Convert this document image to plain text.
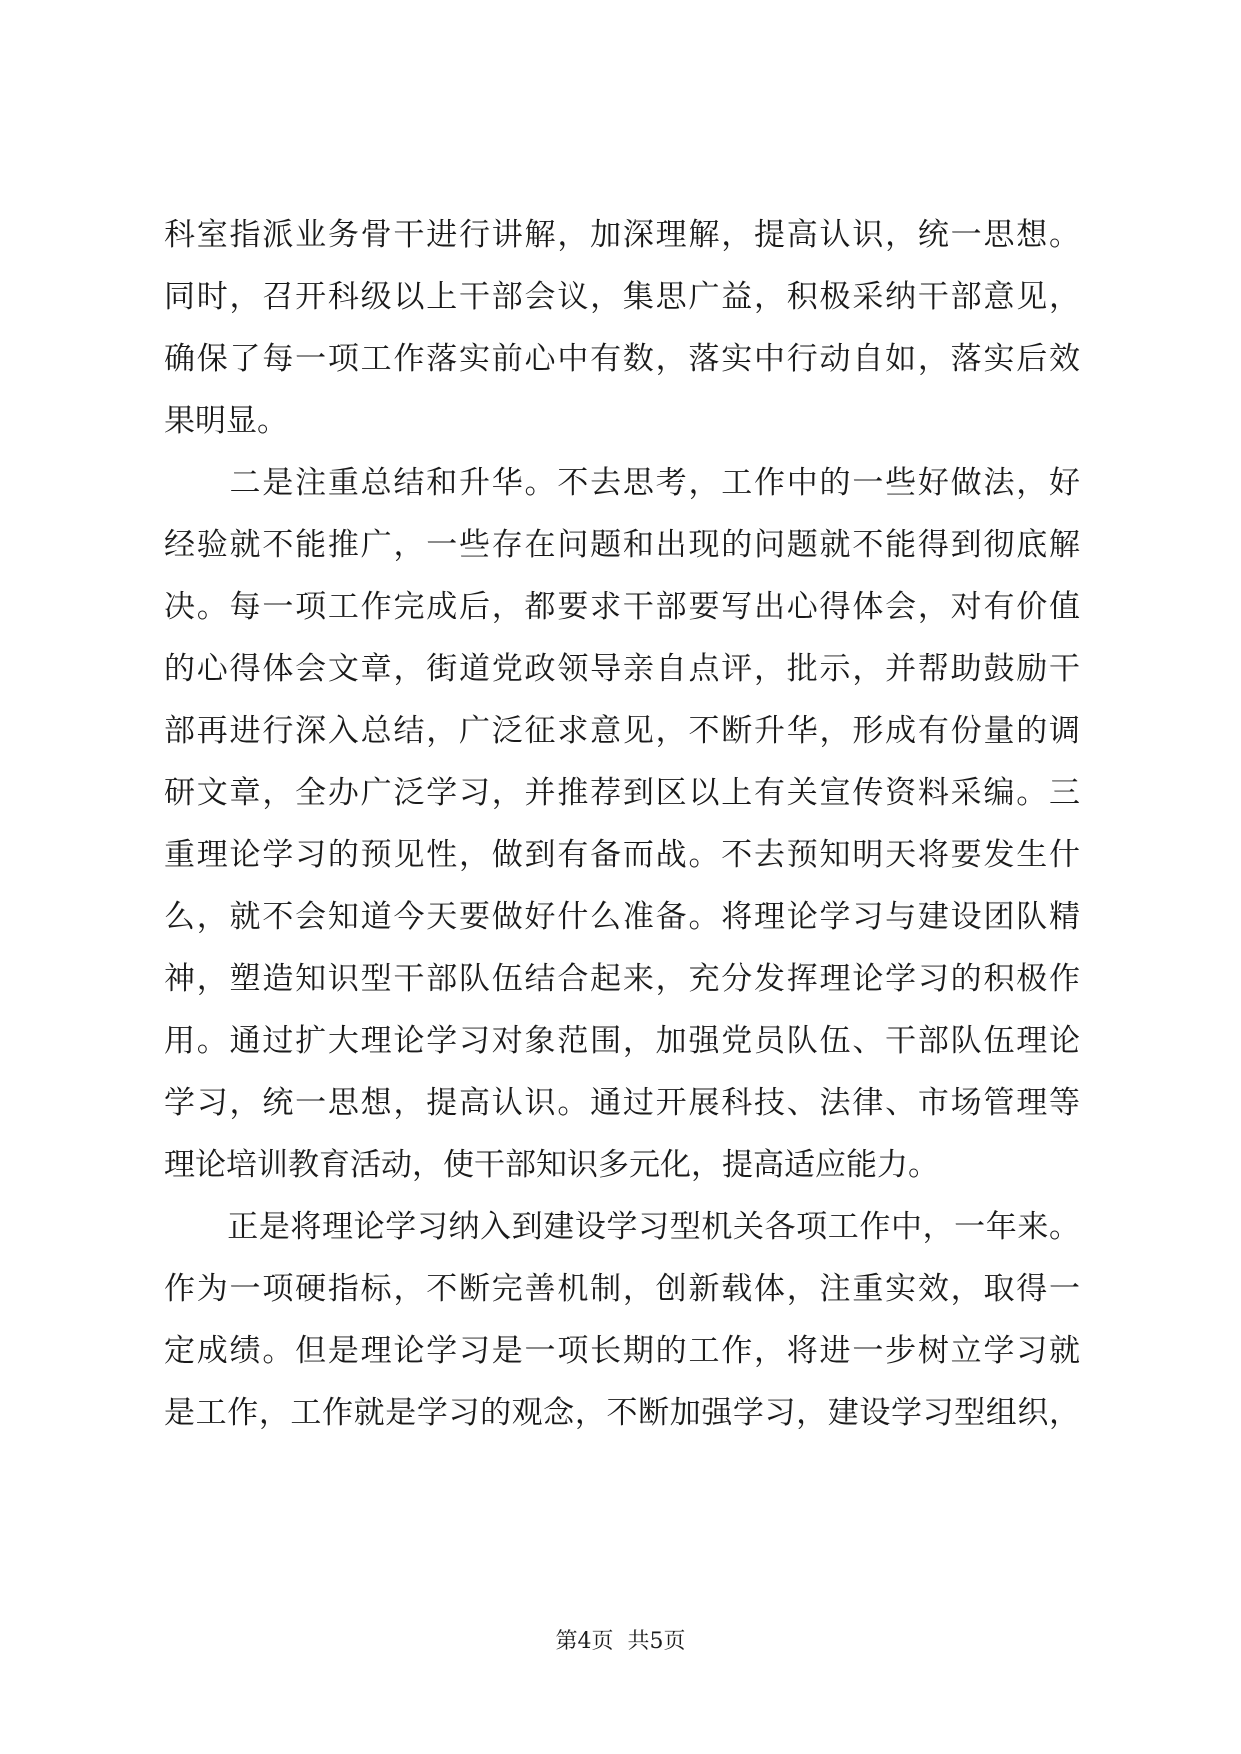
科室指派业务骨干进行讲解，加深理解，提高认识，统一思想。
同时，召开科级以上干部会议，集思广益，积极采纳干部意见，
确保了每一项工作落实前心中有数，落实中行动自如，落实后效
果明显。
　　二是注重总结和升华。不去思考，工作中的一些好做法，好
经验就不能推广，一些存在问题和出现的问题就不能得到彻底解
决。每一项工作完成后，都要求干部要写出心得体会，对有价值
的心得体会文章，街道党政领导亲自点评，批示，并帮助鼓励干
部再进行深入总结，广泛征求意见，不断升华，形成有份量的调
研文章，全办广泛学习，并推荐到区以上有关宣传资料采编。三
重理论学习的预见性，做到有备而战。不去预知明天将要发生什
么，就不会知道今天要做好什么准备。将理论学习与建设团队精
神，塑造知识型干部队伍结合起来，充分发挥理论学习的积极作
用。通过扩大理论学习对象范围，加强党员队伍、干部队伍理论
学习，统一思想，提高认识。通过开展科技、法律、市场管理等
理论培训教育活动，使干部知识多元化，提高适应能力。
　　正是将理论学习纳入到建设学习型机关各项工作中，一年来。
作为一项硬指标，不断完善机制，创新载体，注重实效，取得一
定成绩。但是理论学习是一项长期的工作，将进一步树立学习就
是工作，工作就是学习的观念，不断加强学习，建设学习型组织，
第4页  共5页
